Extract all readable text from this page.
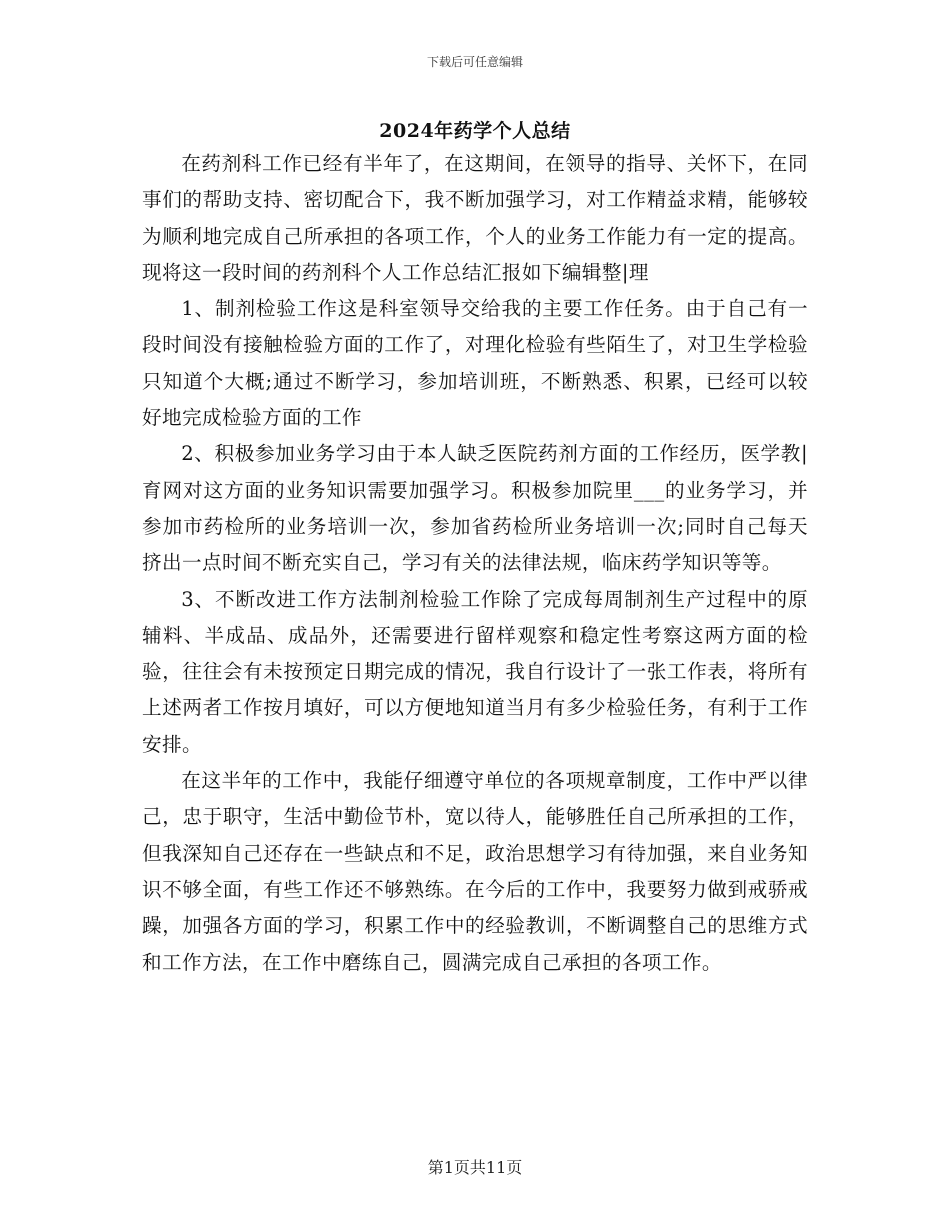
下载后可任意编辑
2024年药学个人总结

在药剂科工作已经有半年了，在这期间，在领导的指导、关怀下，在同事们的帮助支持、密切配合下，我不断加强学习，对工作精益求精，能够较为顺利地完成自己所承担的各项工作，个人的业务工作能力有一定的提高。现将这一段时间的药剂科个人工作总结汇报如下编辑整|理

1、制剂检验工作这是科室领导交给我的主要工作任务。由于自己有一段时间没有接触检验方面的工作了，对理化检验有些陌生了，对卫生学检验只知道个大概;通过不断学习，参加培训班，不断熟悉、积累，已经可以较好地完成检验方面的工作

2、积极参加业务学习由于本人缺乏医院药剂方面的工作经历，医学教|育网对这方面的业务知识需要加强学习。积极参加院里___的业务学习，并参加市药检所的业务培训一次，参加省药检所业务培训一次;同时自己每天挤出一点时间不断充实自己，学习有关的法律法规，临床药学知识等等。

3、不断改进工作方法制剂检验工作除了完成每周制剂生产过程中的原辅料、半成品、成品外，还需要进行留样观察和稳定性考察这两方面的检验，往往会有未按预定日期完成的情况，我自行设计了一张工作表，将所有上述两者工作按月填好，可以方便地知道当月有多少检验任务，有利于工作安排。

在这半年的工作中，我能仔细遵守单位的各项规章制度，工作中严以律己，忠于职守，生活中勤俭节朴，宽以待人，能够胜任自己所承担的工作，但我深知自己还存在一些缺点和不足，政治思想学习有待加强，来自业务知识不够全面，有些工作还不够熟练。在今后的工作中，我要努力做到戒骄戒躁，加强各方面的学习，积累工作中的经验教训，不断调整自己的思维方式和工作方法，在工作中磨练自己，圆满完成自己承担的各项工作。

第1页共11页
